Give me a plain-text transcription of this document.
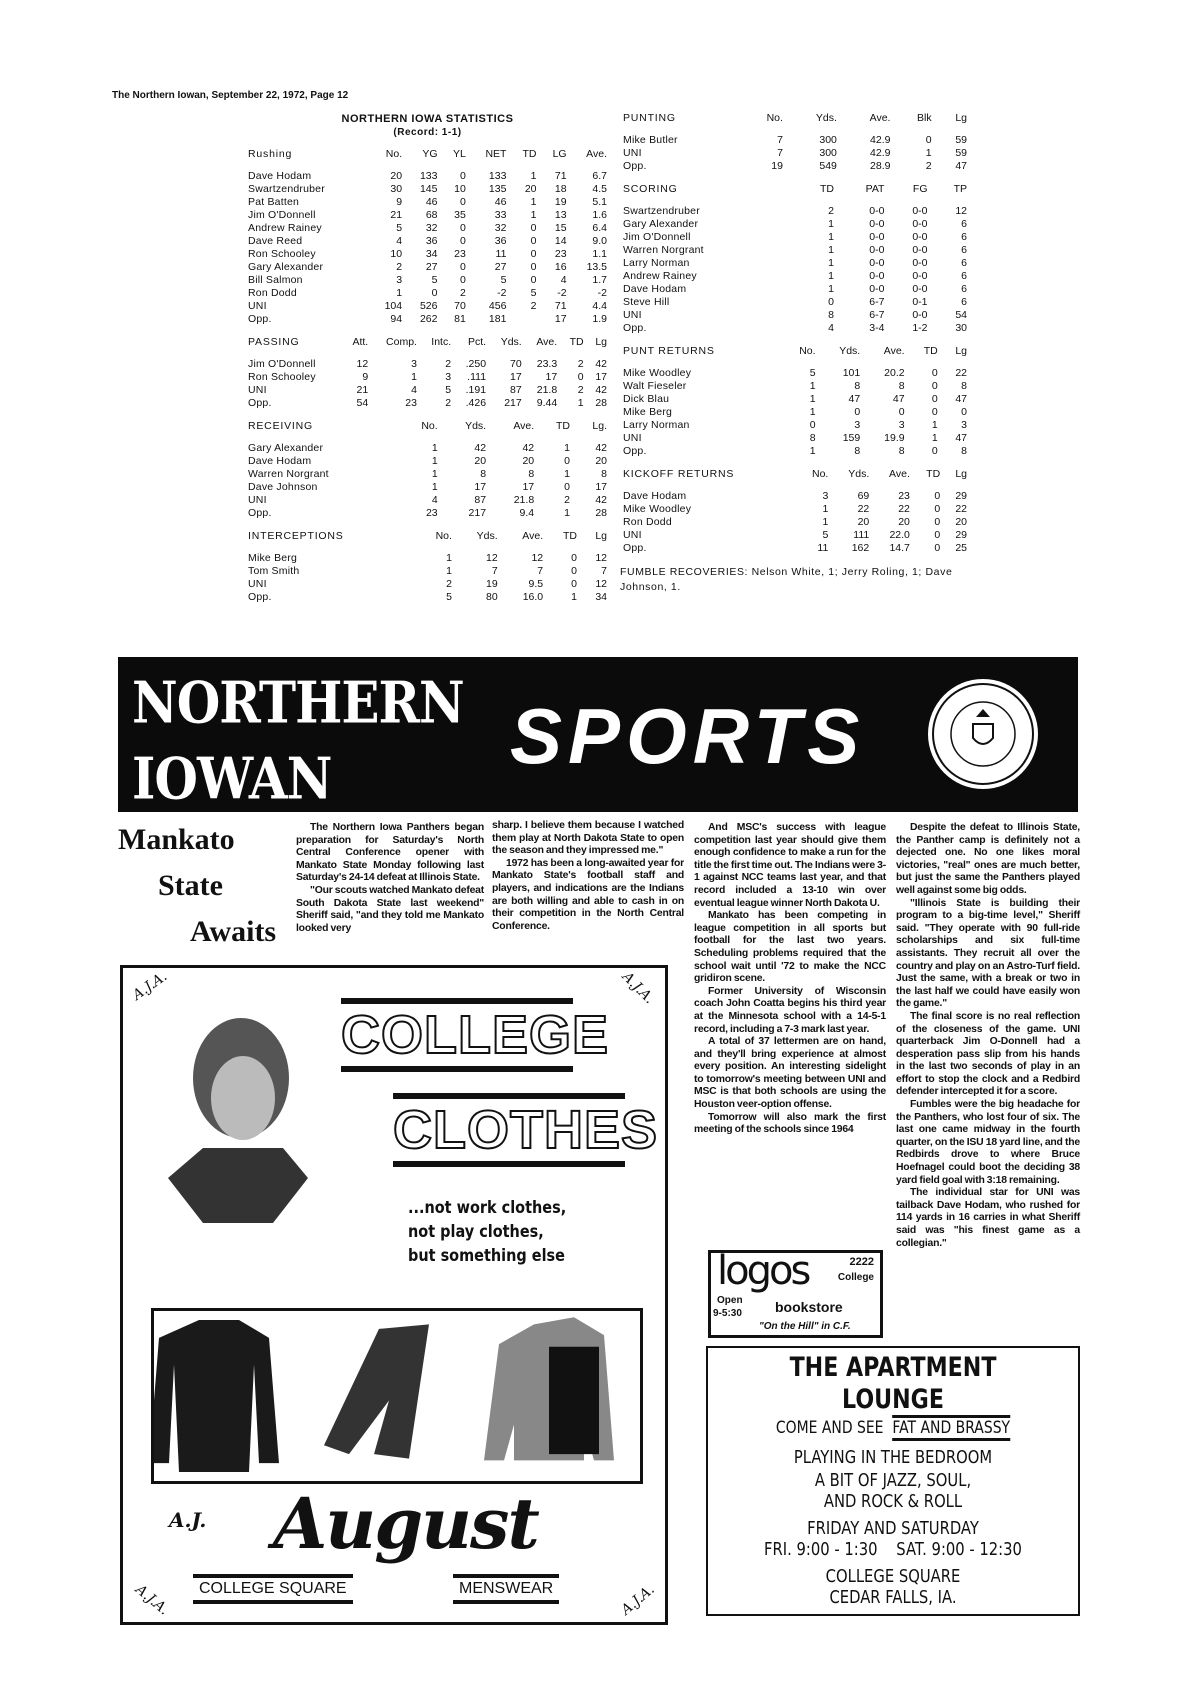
The Northern Iowan, September 22, 1972, Page 12
NORTHERN IOWA STATISTICS
(Record: 1-1)
Rushing	No.	YG	YL	NET	TD	LG	Ave.
Dave Hodam	20	133	0	133	1	71	6.7
Swartzendruber	30	145	10	135	20	18	4.5
Pat Batten	9	46	0	46	1	19	5.1
Jim O'Donnell	21	68	35	33	1	13	1.6
Andrew Rainey	5	32	0	32	0	15	6.4
Dave Reed	4	36	0	36	0	14	9.0
Ron Schooley	10	34	23	11	0	23	1.1
Gary Alexander	2	27	0	27	0	16	13.5
Bill Salmon	3	5	0	5	0	4	1.7
Ron Dodd	1	0	2	-2	5	-2	-2
UNI	104	526	70	456	2	71	4.4
Opp.	94	262	81	181		17	1.9
PASSING	Att.	Comp.	Intc.	Pct.	Yds.	Ave.	TD	Lg
Jim O'Donnell	12	3	2	.250	70	23.3	2	42
Ron Schooley	9	1	3	.111	17	17	0	17
UNI	21	4	5	.191	87	21.8	2	42
Opp.	54	23	2	.426	217	9.44	1	28
RECEIVING	No.	Yds.	Ave.	TD	Lg.
Gary Alexander	1	42	42	1	42
Dave Hodam	1	20	20	0	20
Warren Norgrant	1	8	8	1	8
Dave Johnson	1	17	17	0	17
UNI	4	87	21.8	2	42
Opp.	23	217	9.4	1	28
INTERCEPTIONS	No.	Yds.	Ave.	TD	Lg
Mike Berg	1	12	12	0	12
Tom Smith	1	7	7	0	7
UNI	2	19	9.5	0	12
Opp.	5	80	16.0	1	34
PUNTING	No.	Yds.	Ave.	Blk	Lg
Mike Butler	7	300	42.9	0	59
UNI	7	300	42.9	1	59
Opp.	19	549	28.9	2	47
SCORING	TD	PAT	FG	TP
Swartzendruber	2	0-0	0-0	12
Gary Alexander	1	0-0	0-0	6
Jim O'Donnell	1	0-0	0-0	6
Warren Norgrant	1	0-0	0-0	6
Larry Norman	1	0-0	0-0	6
Andrew Rainey	1	0-0	0-0	6
Dave Hodam	1	0-0	0-0	6
Steve Hill	0	6-7	0-1	6
UNI	8	6-7	0-0	54
Opp.	4	3-4	1-2	30
PUNT RETURNS	No.	Yds.	Ave.	TD	Lg
Mike Woodley	5	101	20.2	0	22
Walt Fieseler	1	8	8	0	8
Dick Blau	1	47	47	0	47
Mike Berg	1	0	0	0	0
Larry Norman	0	3	3	1	3
UNI	8	159	19.9	1	47
Opp.	1	8	8	0	8
KICKOFF RETURNS	No.	Yds.	Ave.	TD	Lg
Dave Hodam	3	69	23	0	29
Mike Woodley	1	22	22	0	22
Ron Dodd	1	20	20	0	20
UNI	5	111	22.0	0	29
Opp.	11	162	14.7	0	25
FUMBLE RECOVERIES: Nelson White, 1; Jerry Roling, 1; Dave Johnson, 1.
NORTHERN
IOWAN	SPORTS
Mankato
State
Awaits

The Northern Iowa Panthers began preparation for Saturday's North Central Conference opener with Mankato State Monday following last Saturday's 24-14 defeat at Illinois State.

"Our scouts watched Mankato defeat South Dakota State last weekend" Sheriff said, "and they told me Mankato looked very

sharp. I believe them because I watched them play at North Dakota State to open the season and they impressed me."

1972 has been a long-awaited year for Mankato State's football staff and players, and indications are the Indians are both willing and able to cash in on their competition in the North Central Conference.

And MSC's success with league competition last year should give them enough confidence to make a run for the title the first time out. The Indians were 3-1 against NCC teams last year, and that record included a 13-10 win over eventual league winner North Dakota U.

Mankato has been competing in league competition in all sports but football for the last two years. Scheduling problems required that the school wait until '72 to make the NCC gridiron scene.

Former University of Wisconsin coach John Coatta begins his third year at the Minnesota school with a 14-5-1 record, including a 7-3 mark last year.

A total of 37 lettermen are on hand, and they'll bring experience at almost every position. An interesting sidelight to tomorrow's meeting between UNI and MSC is that both schools are using the Houston veer-option offense.

Tomorrow will also mark the first meeting of the schools since 1964

Despite the defeat to Illinois State, the Panther camp is definitely not a dejected one. No one likes moral victories, "real" ones are much better, but just the same the Panthers played well against some big odds.

"Illinois State is building their program to a big-time level," Sheriff said. "They operate with 90 full-ride scholarships and six full-time assistants. They recruit all over the country and play on an Astro-Turf field. Just the same, with a break or two in the last half we could have easily won the game."

The final score is no real reflection of the closeness of the game. UNI quarterback Jim O-Donnell had a desperation pass slip from his hands in the last two seconds of play in an effort to stop the clock and a Redbird defender intercepted it for a score.

Fumbles were the big headache for the Panthers, who lost four of six. The last one came midway in the fourth quarter, on the ISU 18 yard line, and the Redbirds drove to where Bruce Hoefnagel could boot the deciding 38 yard field goal with 3:18 remaining.

The individual star for UNI was tailback Dave Hodam, who rushed for 114 yards in 16 carries in what Sheriff said was "his finest game as a collegian."

A.J.A.	A.J.A.
A.J.A.	A.J.A.
COLLEGE
CLOTHES
...not work clothes,
not play clothes,
but something else
A.J. August
COLLEGE SQUARE	MENSWEAR
logos	2222
College
Open
9-5:30 bookstore
"On the Hill" in C.F.
THE APARTMENT LOUNGE
COME AND SEE FAT AND BRASSY
PLAYING IN THE BEDROOM
A BIT OF JAZZ, SOUL,
AND ROCK & ROLL
FRIDAY AND SATURDAY
FRI. 9:00 - 1:30 SAT. 9:00 - 12:30
COLLEGE SQUARE
CEDAR FALLS, IA.
